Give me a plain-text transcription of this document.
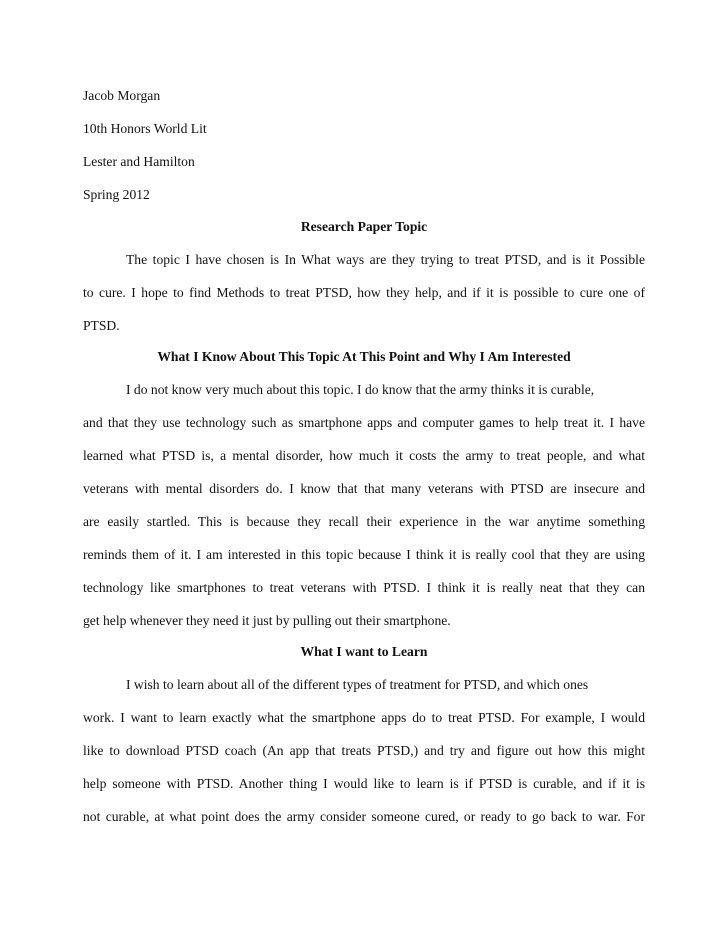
Jacob Morgan
10th Honors World Lit
Lester and Hamilton
Spring 2012
Research Paper Topic
The topic I have chosen is In What ways are they trying to treat PTSD, and is it Possible
to cure. I hope to find Methods to treat PTSD, how they help, and if it is possible to cure one of
PTSD.
What I Know About This Topic At This Point and Why I Am Interested
I do not know very much about this topic. I do know that the army thinks it is curable,
and that they use technology such as smartphone apps and computer games to help treat it. I have
learned what PTSD is, a mental disorder, how much it costs the army to treat people, and what
veterans with mental disorders do. I know that that many veterans with PTSD are insecure and
are easily startled. This is because they recall their experience in the war anytime something
reminds them of it. I am interested in this topic because I think it is really cool that they are using
technology like smartphones to treat veterans with PTSD. I think it is really neat that they can
get help whenever they need it just by pulling out their smartphone.
What I want to Learn
I wish to learn about all of the different types of treatment for PTSD, and which ones
work. I want to learn exactly what the smartphone apps do to treat PTSD. For example, I would
like to download PTSD coach (An app that treats PTSD,) and try and figure out how this might
help someone with PTSD. Another thing I would like to learn is if PTSD is curable, and if it is
not curable, at what point does the army consider someone cured, or ready to go back to war. For
